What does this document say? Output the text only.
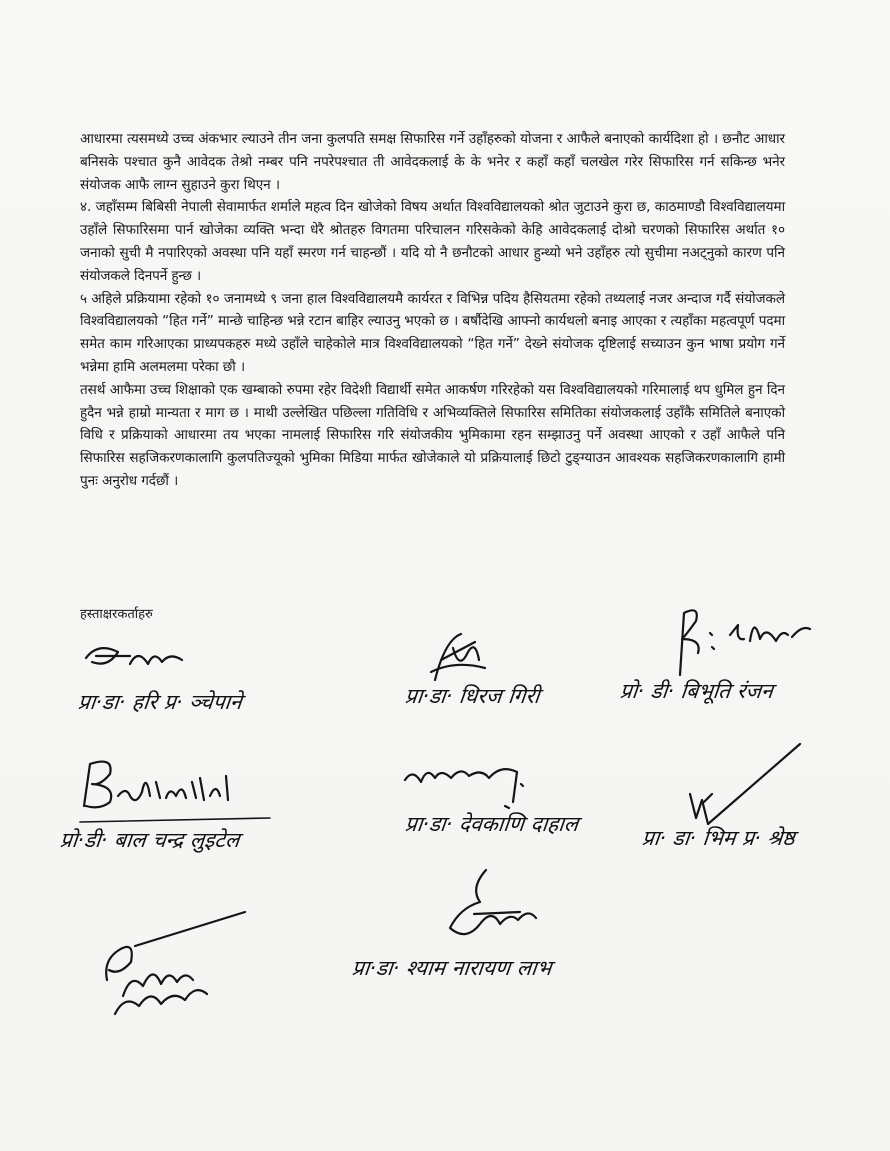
आधारमा त्यसमध्ये उच्च अंकभार ल्याउने तीन जना कुलपति समक्ष सिफारिस गर्ने उहाँहरुको योजना र आफैले बनाएको कार्यदिशा हो । छनौट आधार बनिसके पश्चात कुनै आवेदक तेश्रो नम्बर पनि नपरेपश्चात ती आवेदकलाई के के भनेर र कहाँ कहाँ चलखेल गरेर सिफारिस गर्न सकिन्छ भनेर संयोजक आफै लाग्न सुहाउने कुरा थिएन ।

४. जहाँसम्म बिबिसी नेपाली सेवामार्फत शर्माले महत्व दिन खोजेको विषय अर्थात विश्वविद्यालयको श्रोत जुटाउने कुरा छ, काठमाण्डौ विश्वविद्यालयमा उहाँले सिफारिसमा पार्न खोजेका व्यक्ति भन्दा धेरै श्रोतहरु विगतमा परिचालन गरिसकेको केहि आवेदकलाई दोश्रो चरणको सिफारिस अर्थात १० जनाको सुची मै नपारिएको अवस्था पनि यहाँ स्मरण गर्न चाहन्छौं । यदि यो नै छनौटको आधार हुन्थ्यो भने उहाँहरु त्यो सुचीमा नअट्नुको कारण पनि संयोजकले दिनपर्ने हुन्छ ।

५ अहिले प्रक्रियामा रहेको १० जनामध्ये ९ जना हाल विश्वविद्यालयमै कार्यरत र विभिन्न पदिय हैसियतमा रहेको तथ्यलाई नजर अन्दाज गर्दै संयोजकले विश्वविद्यालयको “हित गर्ने” मान्छे चाहिन्छ भन्ने रटान बाहिर ल्याउनु भएको छ । बर्षौदेखि आफ्नो कार्यथलो बनाइ आएका र त्यहाँका महत्वपूर्ण पदमा समेत काम गरिआएका प्राध्यपकहरु मध्ये उहाँले चाहेकोले मात्र विश्वविद्यालयको “हित गर्ने” देख्ने संयोजक दृष्टिलाई सच्याउन कुन भाषा प्रयोग गर्ने भन्नेमा हामि अलमलमा परेका छौ ।

तसर्थ आफैमा उच्च शिक्षाको एक खम्बाको रुपमा रहेर विदेशी विद्यार्थी समेत आकर्षण गरिरहेको यस विश्वविद्यालयको गरिमालाई थप धुमिल हुन दिन हुदैन भन्ने हाम्रो मान्यता र माग छ । माथी उल्लेखित पछिल्ला गतिविधि र अभिव्यक्तिले सिफारिस समितिका संयोजकलाई उहाँकै समितिले बनाएको विधि र प्रक्रियाको आधारमा तय भएका नामलाई सिफारिस गरि संयोजकीय भुमिकामा रहन सम्झाउनु पर्ने अवस्था आएको र उहाँ आफैले पनि सिफारिस सहजिकरणकालागि कुलपतिज्यूको भुमिका मिडिया मार्फत खोजेकाले यो प्रक्रियालाई छिटो टुङ्ग्याउन आवश्यक सहजिकरणकालागि हामी पुनः अनुरोध गर्दछौं ।

हस्ताक्षरकर्ताहरु
प्रा·डा· हरि प्र· ञ्चेपाने	प्रा·डा· धिरज गिरी	प्रो· डी· बिभूति रंजन
प्रो·डी· बाल चन्द्र लुइटेल
प्रा·डा· देवकाणि दाहाल
प्रा· डा· भिम प्र· श्रेष्ठ
प्रा·डा· श्याम नारायण लाभ
